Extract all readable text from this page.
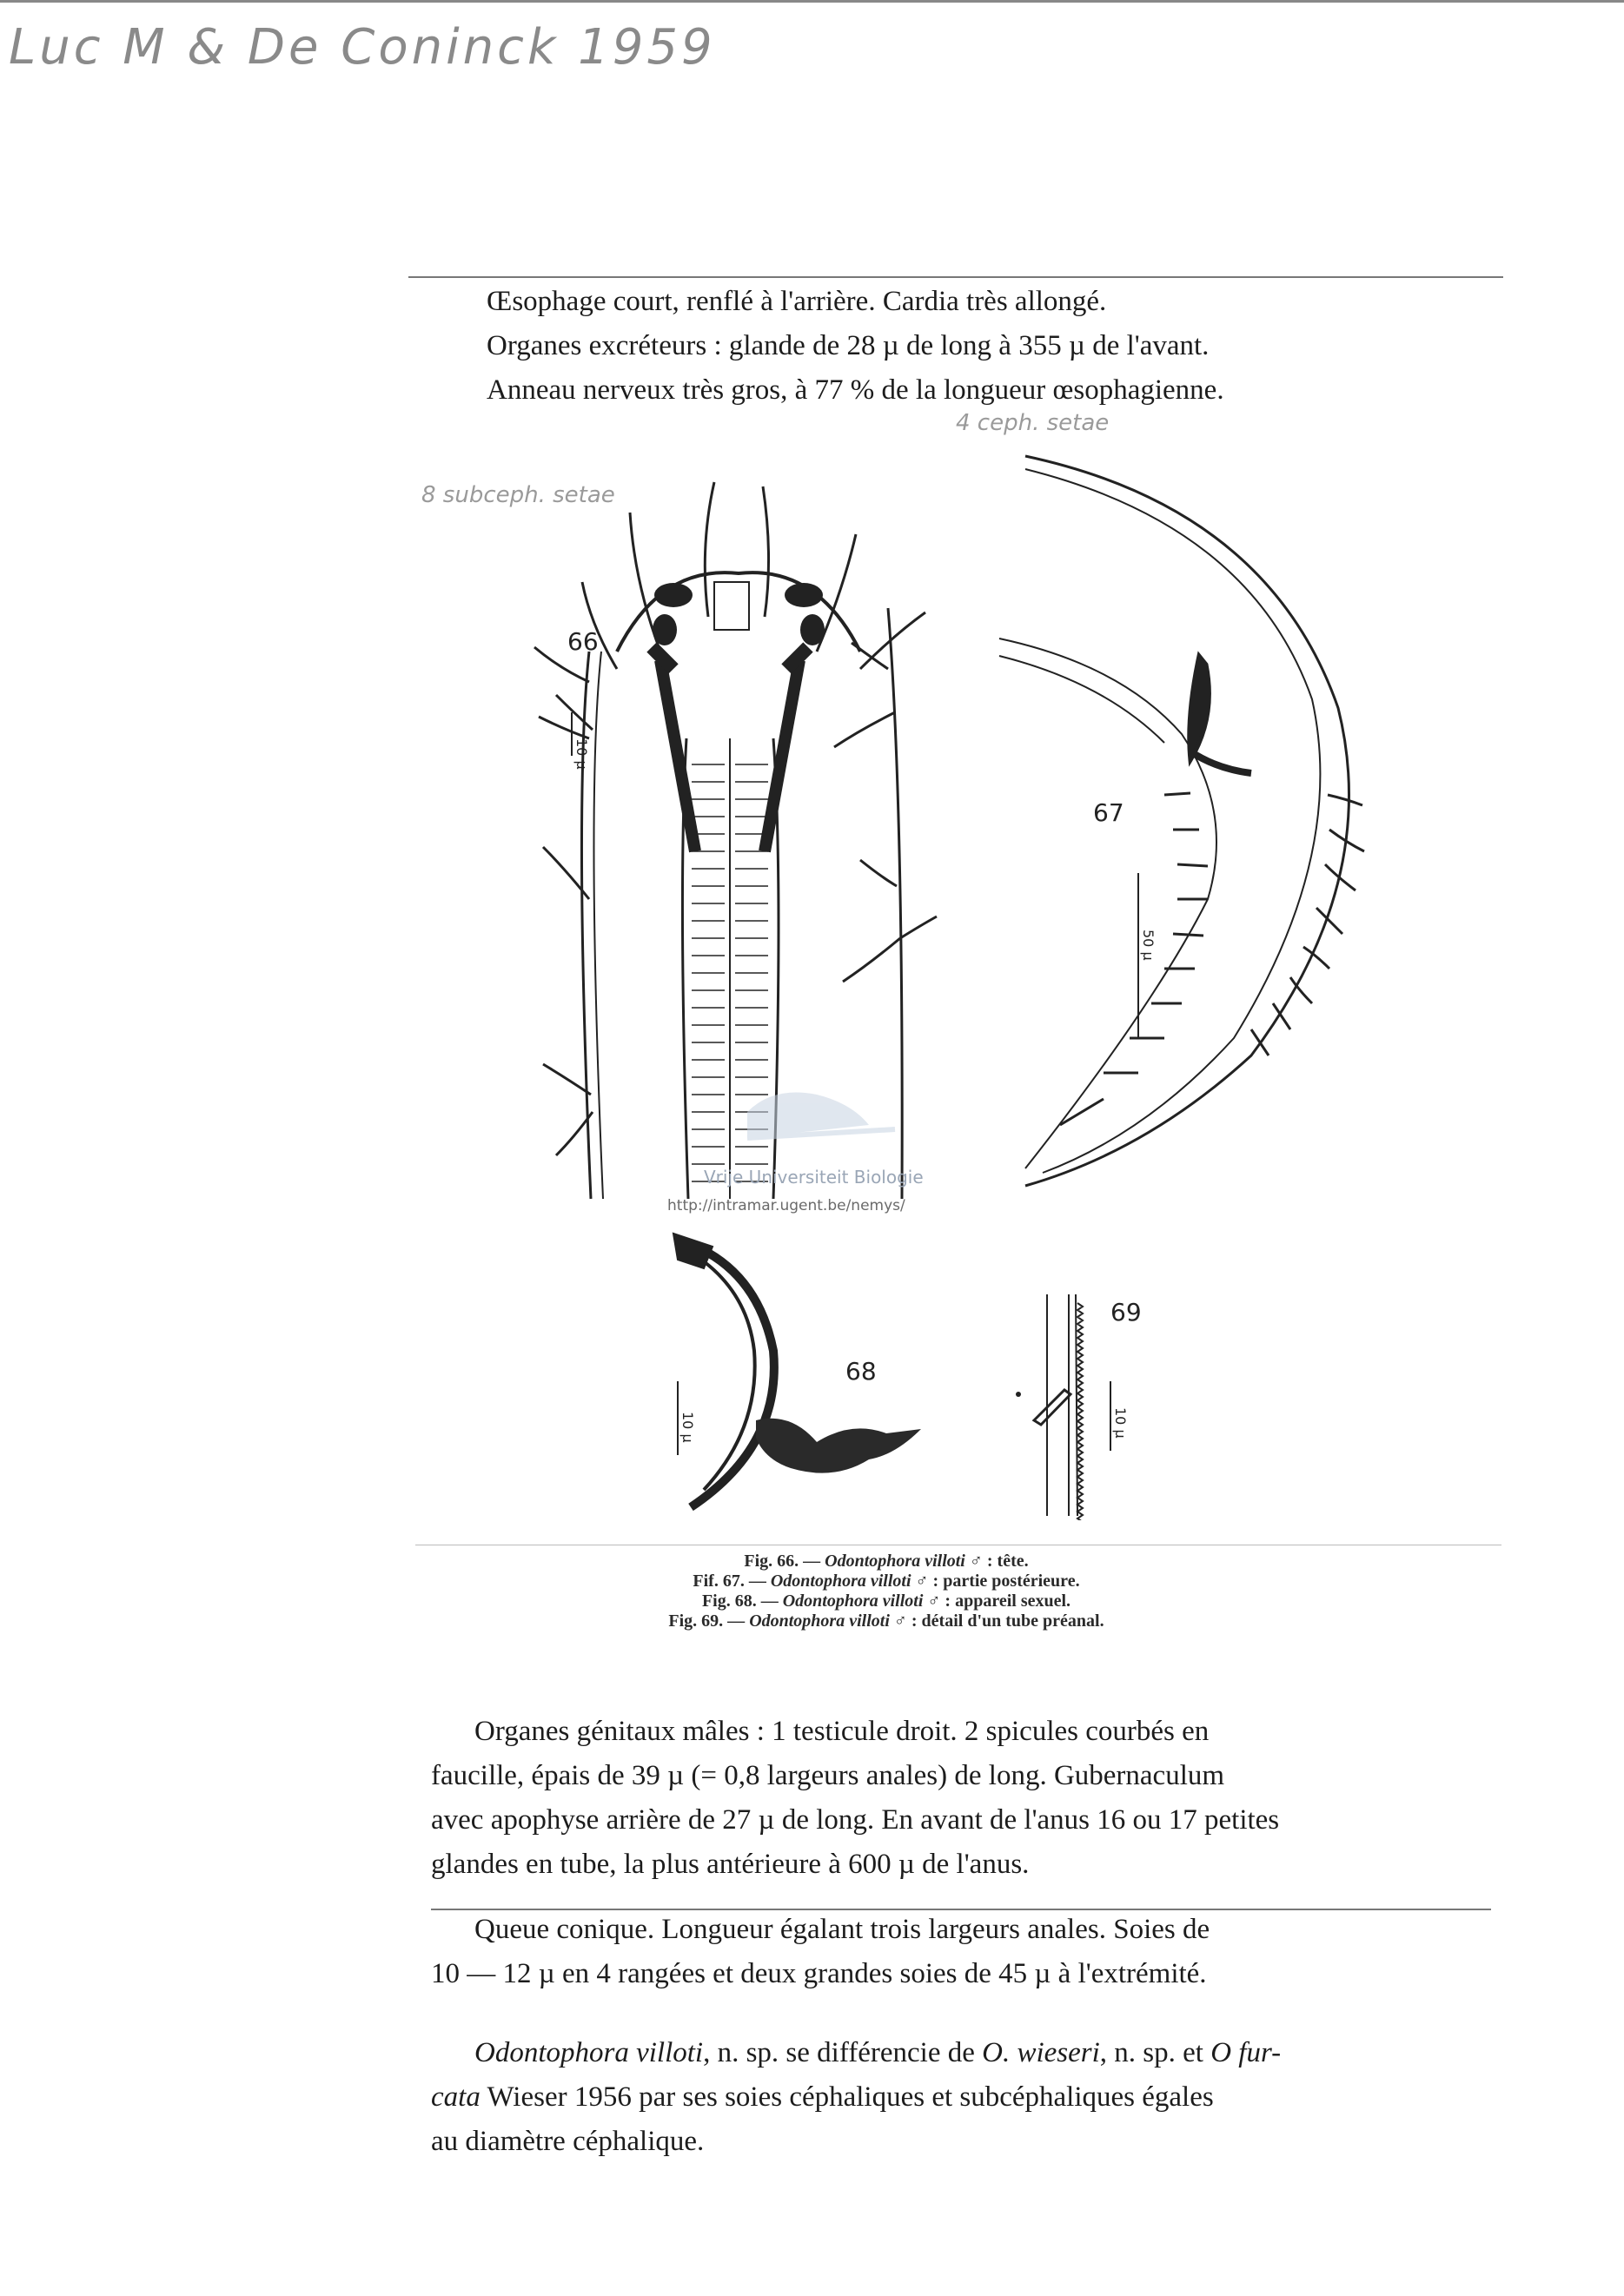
Luc M & De Coninck 1959
Œsophage court, renflé à l'arrière. Cardia très allongé.
Organes excréteurs : glande de 28 µ de long à 355 µ de l'avant.
Anneau nerveux très gros, à 77 % de la longueur œsophagienne.
4 ceph. setae
8 subceph. setae
10 µ
66
Vrije Universiteit Biologie
http://intramar.ugent.be/nemys/
50 µ
67
10 µ
68
10 µ
69
Fig. 66. — Odontophora villoti ♂ : tête.
Fif. 67. — Odontophora villoti ♂ : partie postérieure.
Fig. 68. — Odontophora villoti ♂ : appareil sexuel.
Fig. 69. — Odontophora villoti ♂ : détail d'un tube préanal.
Organes génitaux mâles : 1 testicule droit. 2 spicules courbés en
faucille, épais de 39 µ (= 0,8 largeurs anales) de long. Gubernaculum
avec apophyse arrière de 27 µ de long. En avant de l'anus 16 ou 17 petites
glandes en tube, la plus antérieure à 600 µ de l'anus.
Queue conique. Longueur égalant trois largeurs anales. Soies de
10 — 12 µ en 4 rangées et deux grandes soies de 45 µ à l'extrémité.
Odontophora villoti, n. sp. se différencie de O. wieseri, n. sp. et O fur-
cata Wieser 1956 par ses soies céphaliques et subcéphaliques égales
au diamètre céphalique.
